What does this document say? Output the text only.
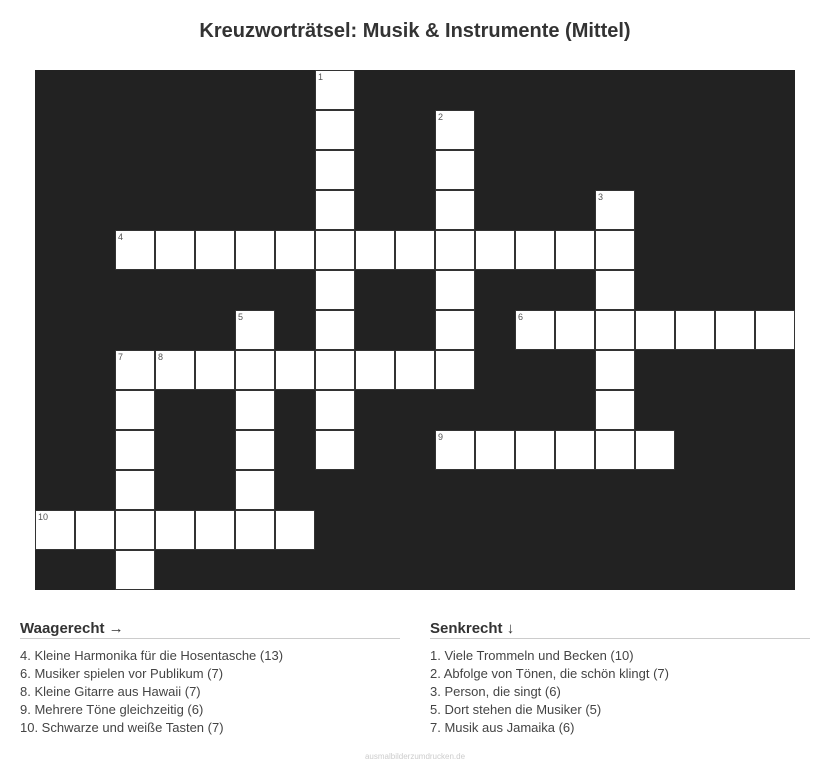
Kreuzworträtsel: Musik & Instrumente (Mittel)
1
2
3
4
5	6
7	8
9
10
Waagerecht →
4. Kleine Harmonika für die Hosentasche (13)
6. Musiker spielen vor Publikum (7)
8. Kleine Gitarre aus Hawaii (7)
9. Mehrere Töne gleichzeitig (6)
10. Schwarze und weiße Tasten (7)
Senkrecht ↓
1. Viele Trommeln und Becken (10)
2. Abfolge von Tönen, die schön klingt (7)
3. Person, die singt (6)
5. Dort stehen die Musiker (5)
7. Musik aus Jamaika (6)
ausmalbilderzumdrucken.de
